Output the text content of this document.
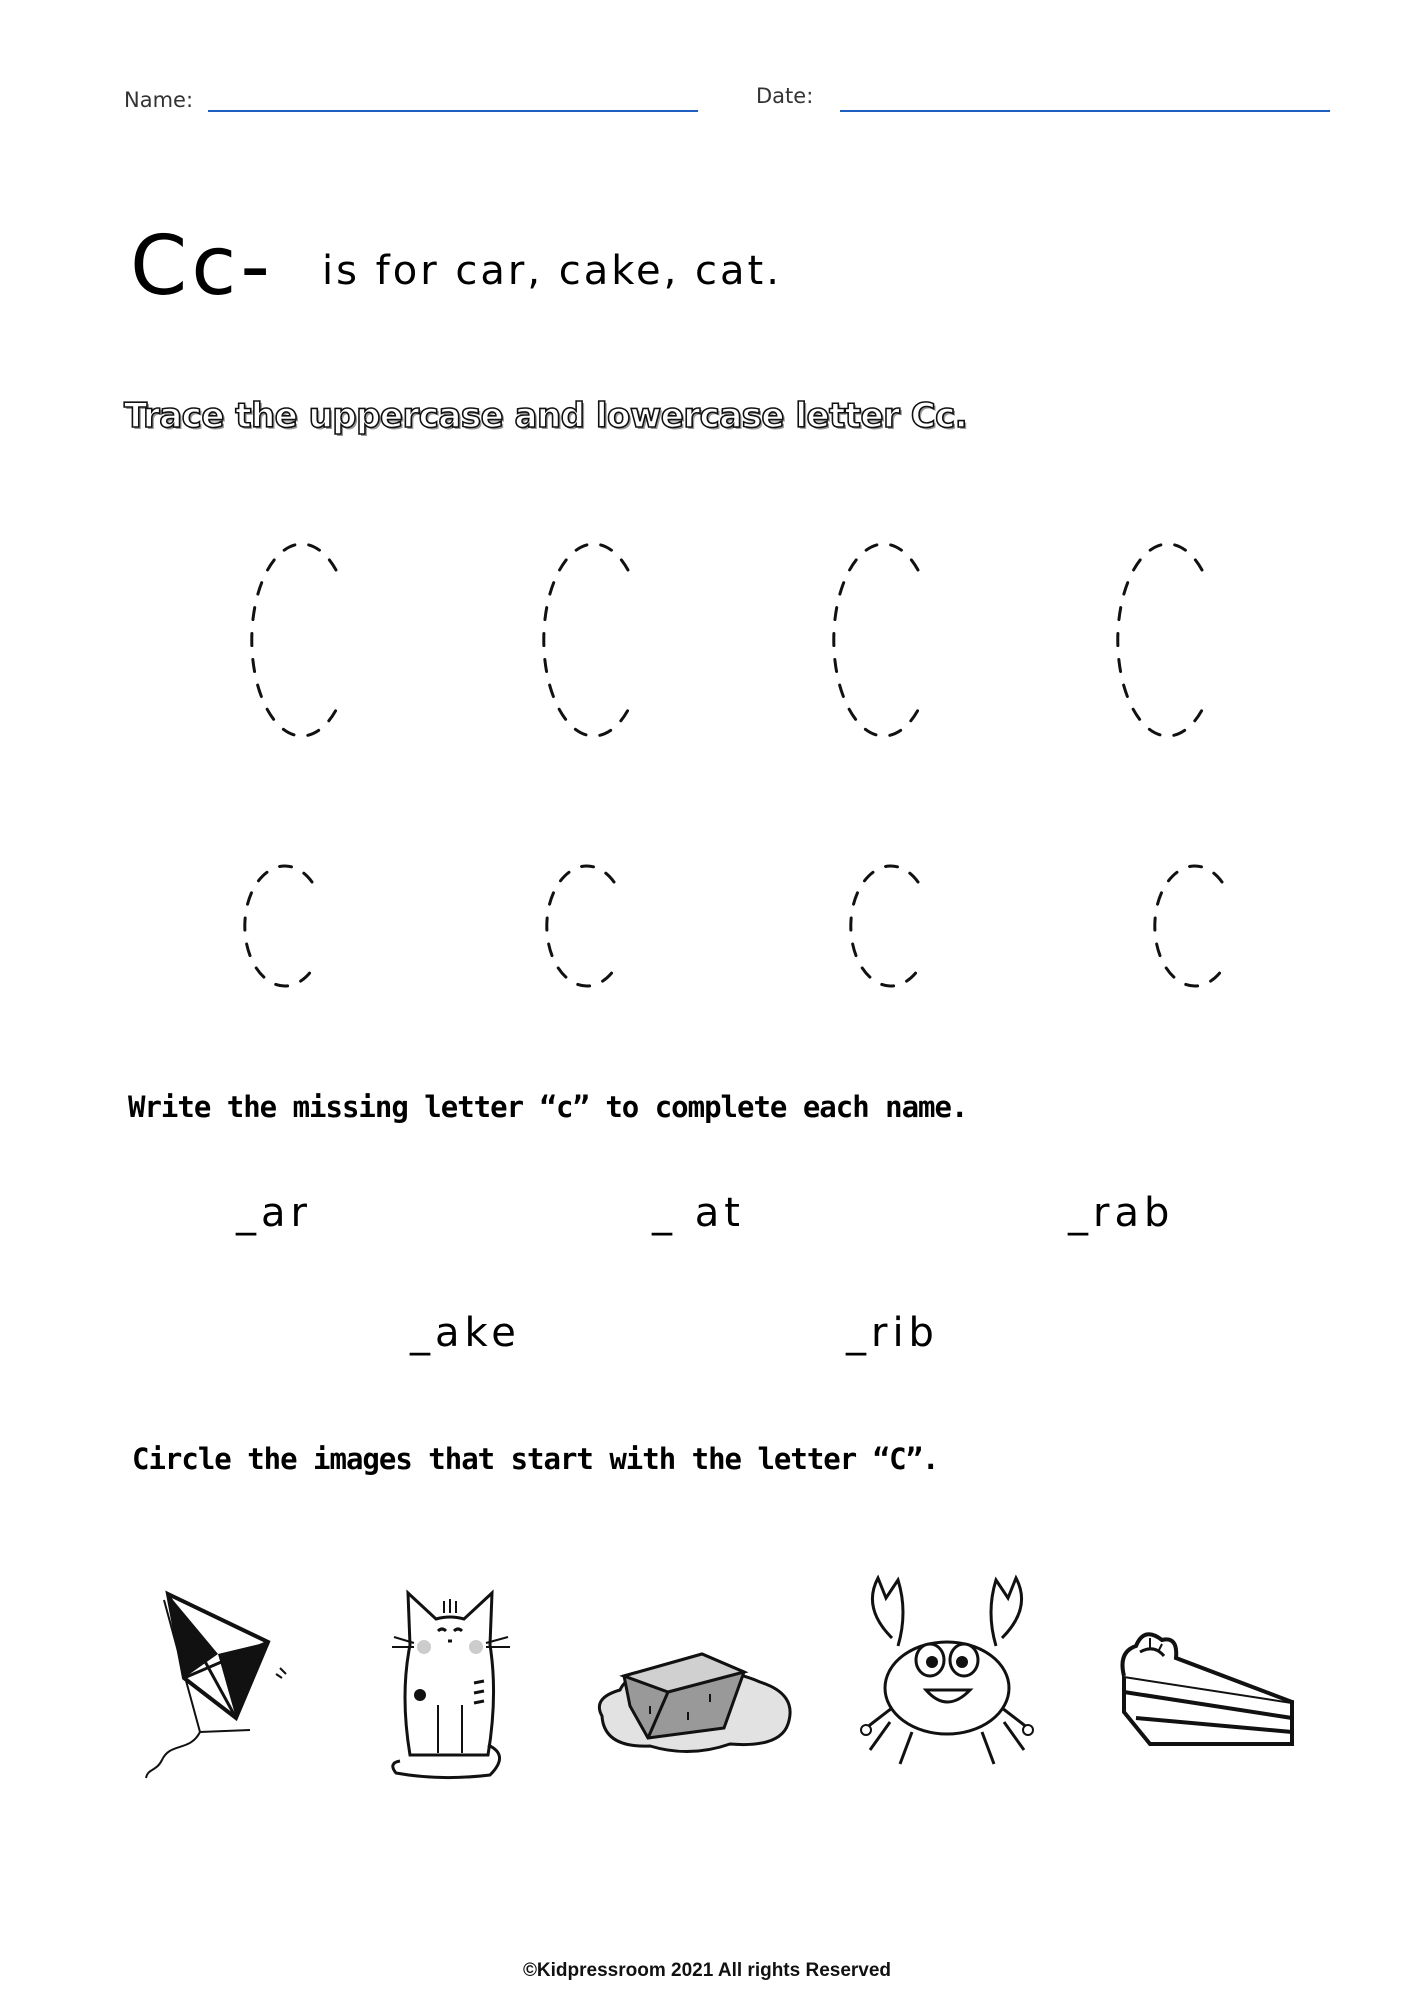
Name:	Date:
Cc- is for car, cake, cat.
Trace the uppercase and lowercase letter Cc.
Write the missing letter “c” to complete each name.
_ar	_ at	_rab
_ake	_rib
Circle the images that start with the letter “C”.
©Kidpressroom 2021 All rights Reserved
